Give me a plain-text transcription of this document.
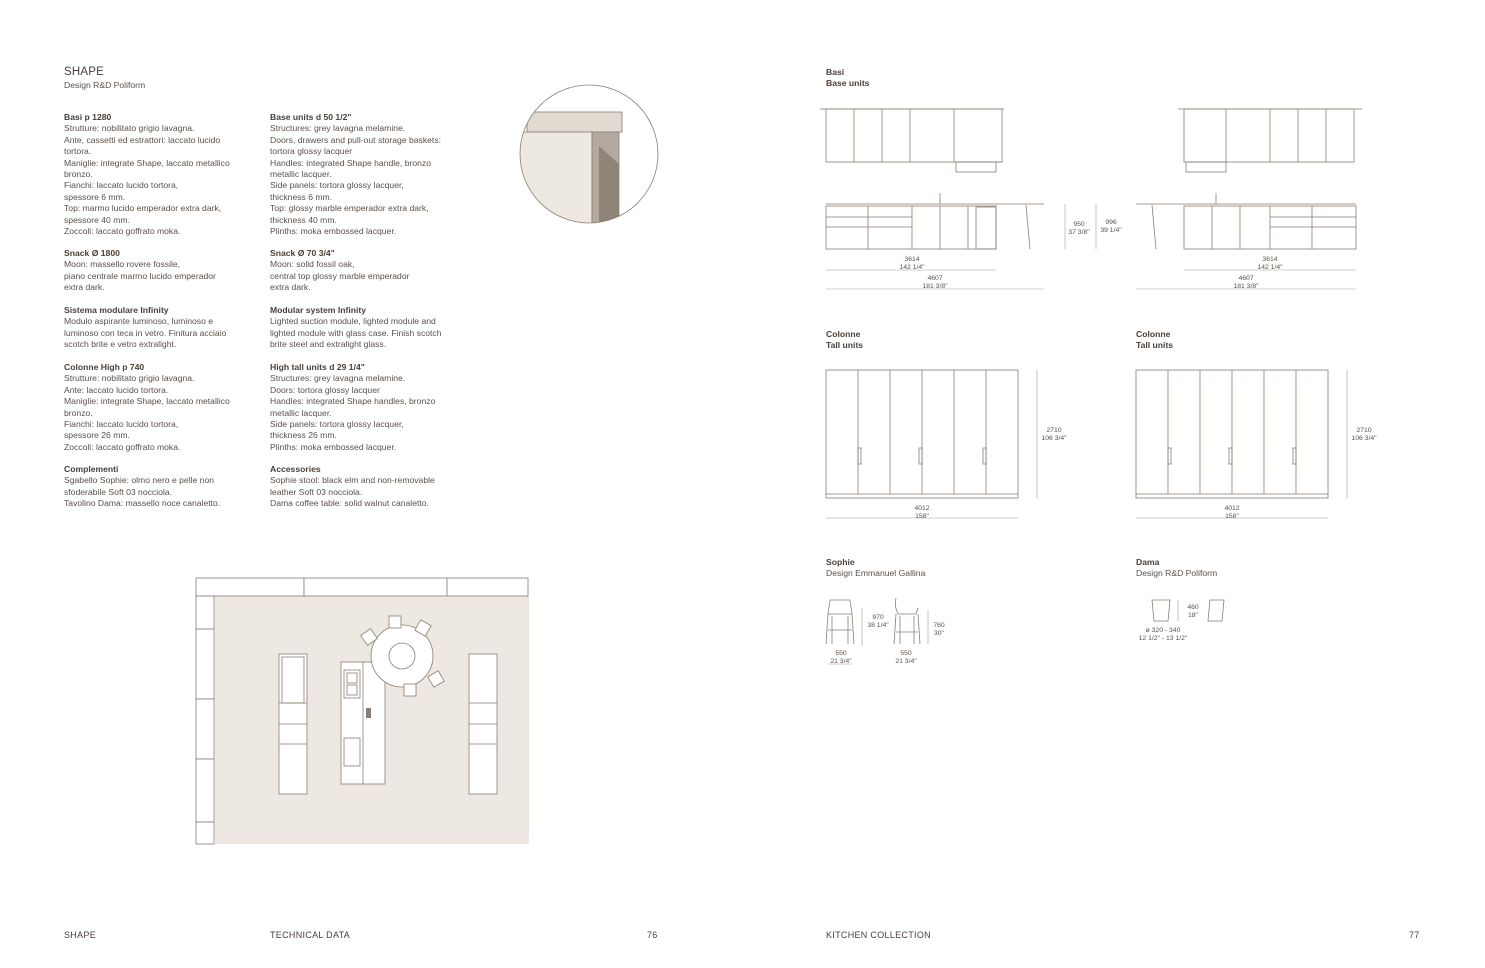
SHAPE
Design R&D Poliform
Basi p 1280
Strutture: nobilitato grigio lavagna.
Ante, cassetti ed estrattori: laccato lucido
tortora.
Maniglie: integrate Shape, laccato metallico
bronzo.
Fianchi: laccato lucido tortora,
spessore 6 mm.
Top: marmo lucido emperador extra dark,
spessore 40 mm.
Zoccoli: laccato goffrato moka.
Snack Ø 1800
Moon: massello rovere fossile,
piano centrale marmo lucido emperador
extra dark.
Sistema modulare Infinity
Modulo aspirante luminoso, luminoso e
luminoso con teca in vetro. Finitura acciaio
scotch brite e vetro extralight.
Colonne High p 740
Strutture: nobilitato grigio lavagna.
Ante: laccato lucido tortora.
Maniglie: integrate Shape, laccato metallico
bronzo.
Fianchi: laccato lucido tortora,
spessore 26 mm.
Zoccoli: laccato goffrato moka.
Complementi
Sgabello Sophie: olmo nero e pelle non
sfoderabile Soft 03 nocciola.
Tavolino Dama: massello noce canaletto.
Base units d 50 1/2"
Structures: grey lavagna melamine.
Doors, drawers and pull-out storage baskets:
tortora glossy lacquer
Handles: integrated Shape handle, bronzo
metallic lacquer.
Side panels: tortora glossy lacquer,
thickness 6 mm.
Top: glossy marble emperador extra dark,
thickness 40 mm.
Plinths: moka embossed lacquer.
Snack Ø 70 3/4"
Moon: solid fossil oak,
central top glossy marble emperador
extra dark.
Modular system Infinity
Lighted suction module, lighted module and
lighted module with glass case. Finish scotch
brite steel and extralight glass.
High tall units d 29 1/4"
Structures: grey lavagna melamine.
Doors: tortora glossy lacquer
Handles: integrated Shape handles, bronzo
metallic lacquer.
Side panels: tortora glossy lacquer,
thickness 26 mm.
Plinths: moka embossed lacquer.
Accessories
Sophie stool: black elm and non-removable
leather Soft 03 nocciola.
Dama coffee table: solid walnut canaletto.
Basi
Base units
950
37 3/8"
996
39 1/4"
3614
142 1/4"
4607
181 3/8"
3614
142 1/4"
4607
181 3/8"
Colonne
Tall units
Colonne
Tall units
2710
106 3/4"
4012
158"
2710
106 3/4"
4012
158"
Sophie
Design Emmanuel Gallina
970
38 1/4"	760
30"
550
21 3/4"
550
21 3/4"
Dama
Design R&D Poliform
460
18"
ø 320 - 340
12 1/2" - 13 1/2"
SHAPE	TECHNICAL DATA	76	KITCHEN COLLECTION	77
